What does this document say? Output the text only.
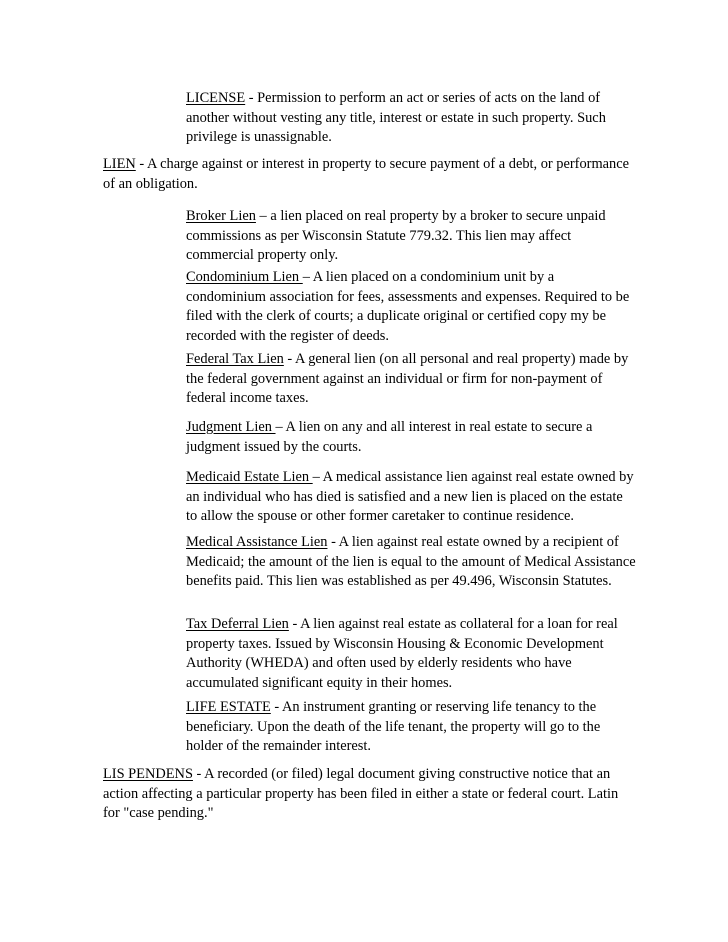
LICENSE - Permission to perform an act or series of acts on the land of another without vesting any title, interest or estate in such property. Such privilege is unassignable.

LIEN - A charge against or interest in property to secure payment of a debt, or performance of an obligation.

Broker Lien – a lien placed on real property by a broker to secure unpaid commissions as per Wisconsin Statute 779.32. This lien may affect commercial property only.

Condominium Lien – A lien placed on a condominium unit by a condominium association for fees, assessments and expenses. Required to be filed with the clerk of courts; a duplicate original or certified copy my be recorded with the register of deeds.

Federal Tax Lien - A general lien (on all personal and real property) made by the federal government against an individual or firm for non-payment of federal income taxes.

Judgment Lien – A lien on any and all interest in real estate to secure a judgment issued by the courts.

Medicaid Estate Lien – A medical assistance lien against real estate owned by an individual who has died is satisfied and a new lien is placed on the estate to allow the spouse or other former caretaker to continue residence.

Medical Assistance Lien - A lien against real estate owned by a recipient of Medicaid; the amount of the lien is equal to the amount of Medical Assistance benefits paid. This lien was established as per 49.496, Wisconsin Statutes.

Tax Deferral Lien - A lien against real estate as collateral for a loan for real property taxes. Issued by Wisconsin Housing & Economic Development Authority (WHEDA) and often used by elderly residents who have accumulated significant equity in their homes.

LIFE ESTATE - An instrument granting or reserving life tenancy to the beneficiary. Upon the death of the life tenant, the property will go to the holder of the remainder interest.

LIS PENDENS - A recorded (or filed) legal document giving constructive notice that an action affecting a particular property has been filed in either a state or federal court. Latin for "case pending."
